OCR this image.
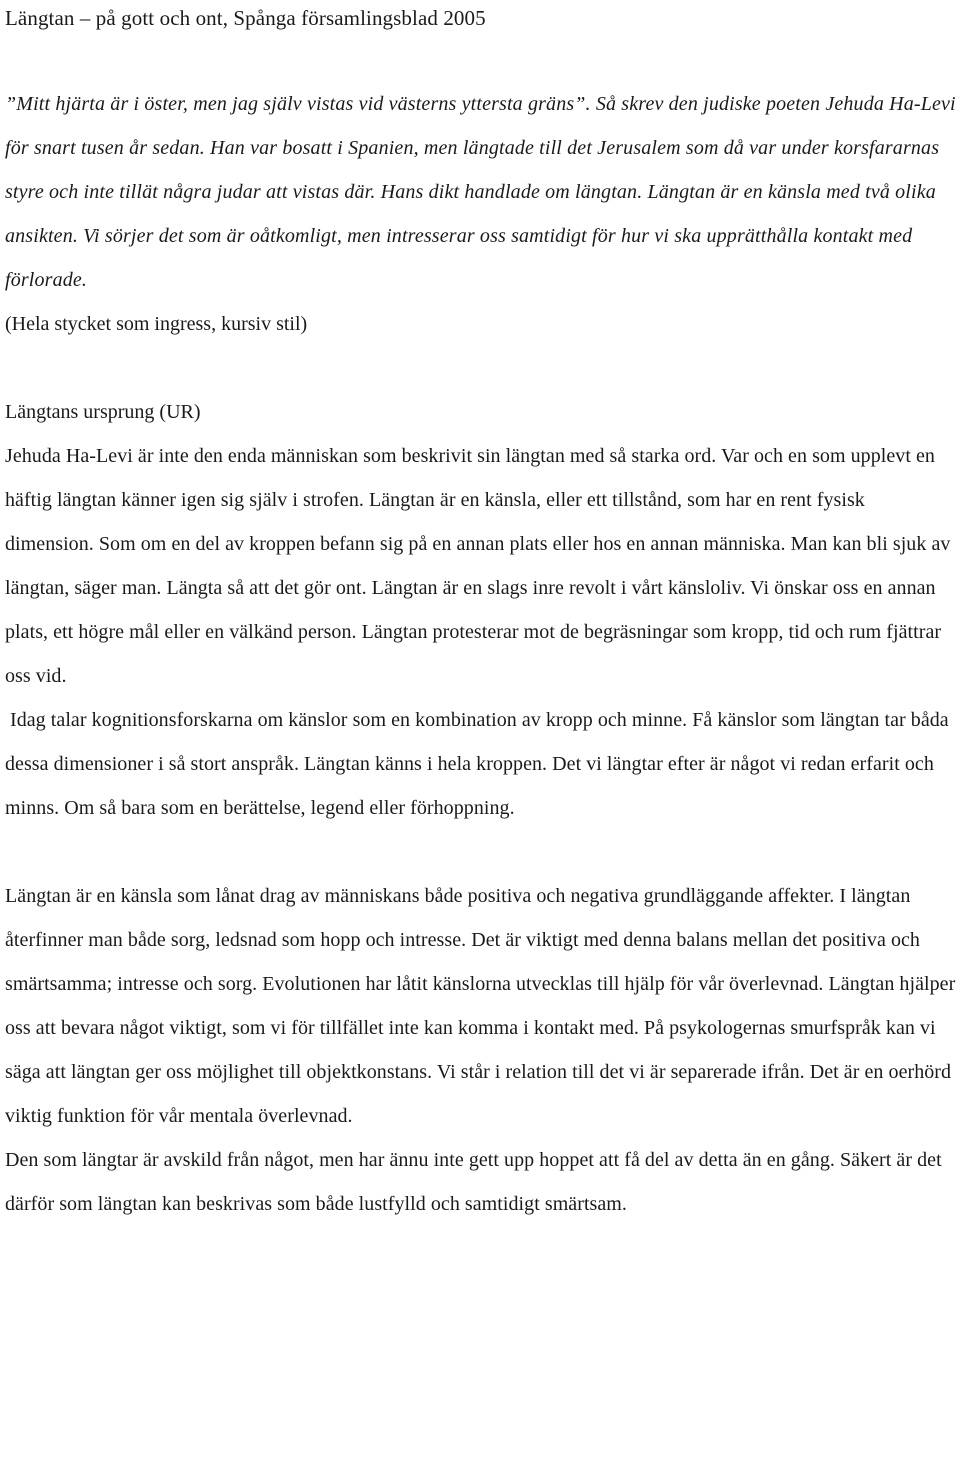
Längtan – på gott och ont, Spånga församlingsblad 2005

”Mitt hjärta är i öster, men jag själv vistas vid västerns yttersta gräns”. Så skrev den judiske poeten Jehuda Ha-Levi för snart tusen år sedan. Han var bosatt i Spanien, men längtade till det Jerusalem som då var under korsfararnas styre och inte tillät några judar att vistas där. Hans dikt handlade om längtan. Längtan är en känsla med två olika ansikten. Vi sörjer det som är oåtkomligt, men intresserar oss samtidigt för hur vi ska upprätthålla kontakt med förlorade.

(Hela stycket som ingress, kursiv stil)

Längtans ursprung (UR)

Jehuda Ha-Levi är inte den enda människan som beskrivit sin längtan med så starka ord. Var och en som upplevt en häftig längtan känner igen sig själv i strofen. Längtan är en känsla, eller ett tillstånd, som har en rent fysisk dimension. Som om en del av kroppen befann sig på en annan plats eller hos en annan människa. Man kan bli sjuk av längtan, säger man. Längta så att det gör ont. Längtan är en slags inre revolt i vårt känsloliv. Vi önskar oss en annan plats, ett högre mål eller en välkänd person. Längtan protesterar mot de begräsningar som kropp, tid och rum fjättrar oss vid.

Idag talar kognitionsforskarna om känslor som en kombination av kropp och minne. Få känslor som längtan tar båda dessa dimensioner i så stort anspråk. Längtan känns i hela kroppen. Det vi längtar efter är något vi redan erfarit och minns. Om så bara som en berättelse, legend eller förhoppning.

Längtan är en känsla som lånat drag av människans både positiva och negativa grundläggande affekter. I längtan återfinner man både sorg, ledsnad som hopp och intresse. Det är viktigt med denna balans mellan det positiva och smärtsamma; intresse och sorg. Evolutionen har låtit känslorna utvecklas till hjälp för vår överlevnad. Längtan hjälper oss att bevara något viktigt, som vi för tillfället inte kan komma i kontakt med. På psykologernas smurfspråk kan vi säga att längtan ger oss möjlighet till objektkonstans. Vi står i relation till det vi är separerade ifrån. Det är en oerhörd viktig funktion för vår mentala överlevnad.

Den som längtar är avskild från något, men har ännu inte gett upp hoppet att få del av detta än en gång. Säkert är det därför som längtan kan beskrivas som både lustfylld och samtidigt smärtsam.
